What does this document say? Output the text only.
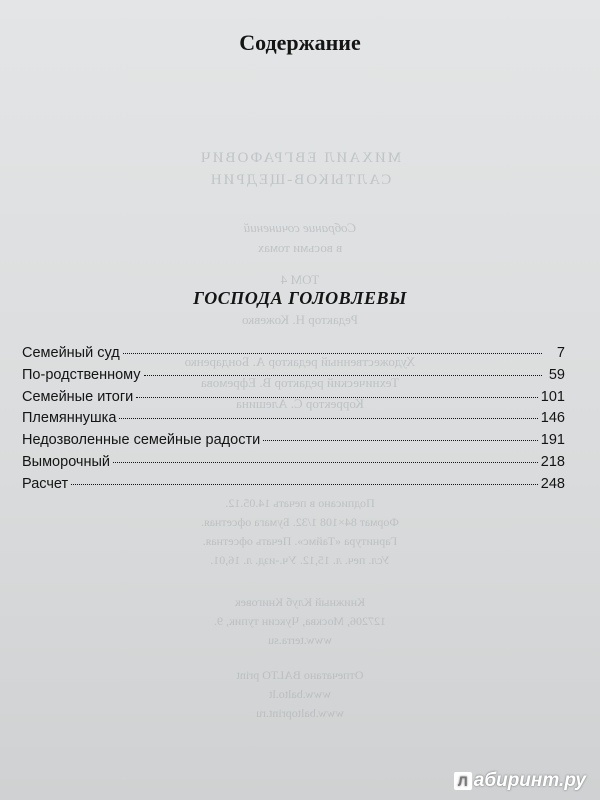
МИХАИЛ ЕВГРАФОВИЧ
САЛТЫКОВ-ЩЕДРИН
Собрание сочинений
в восьми томах
ТОМ 4
Редактор Н. Кожевко
Художественный редактор А. Бондаренко
Технический редактор В. Ефремова
Корректор С. Алешина
Подписано в печать 14.05.12.
Формат 84×108 1/32. Бумага офсетная.
Гарнитура «Таймс». Печать офсетная.
Усл. печ. л. 15,12. Уч.-изд. л. 16,01.
Книжный Клуб Книговек
127206, Москва, Чуксин тупик, 9.
www.terra.su
Отпечатано BALTO print
www.balto.lt
www.baltoprint.ru
Содержание
ГОСПОДА ГОЛОВЛЕВЫ
Семейный суд	7
По-родственному	59
Семейные итоги	101
Племяннушка	146
Недозволенные семейные радости	191
Выморочный	218
Расчет	248
Л абиринт.ру
